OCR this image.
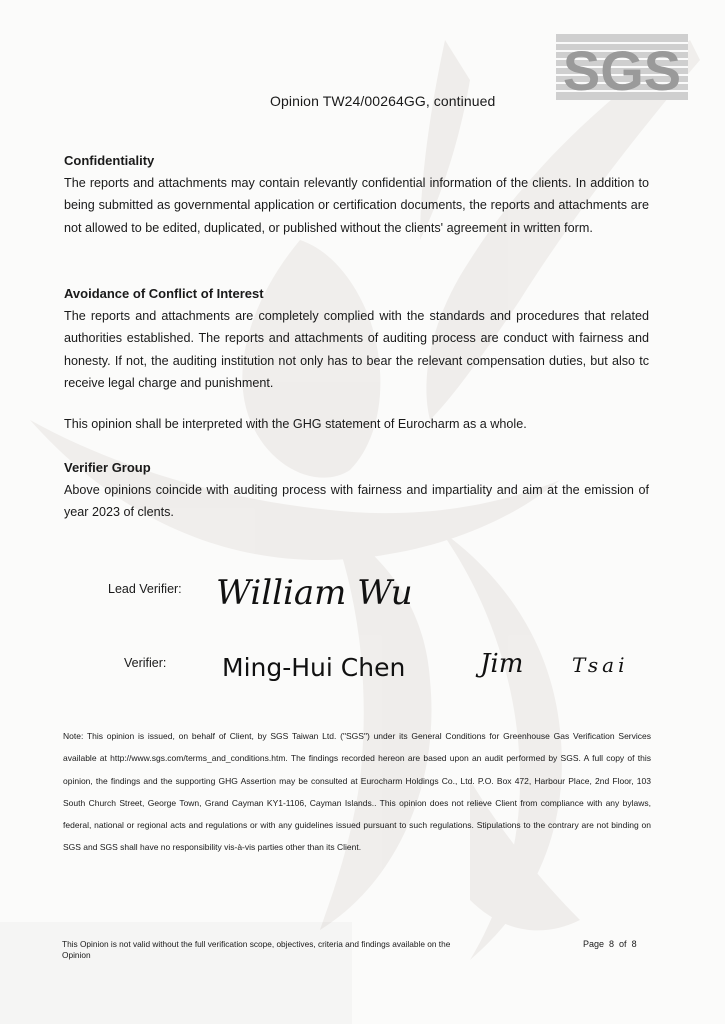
SGS
Opinion TW24/00264GG, continued
Confidentiality

The reports and attachments may contain relevantly confidential information of the clients. In addition to being submitted as governmental application or certification documents, the reports and attachments are not allowed to be edited, duplicated, or published without the clients' agreement in written form.

Avoidance of Conflict of Interest

The reports and attachments are completely complied with the standards and procedures that related authorities established. The reports and attachments of auditing process are conduct with fairness and honesty. If not, the auditing institution not only has to bear the relevant compensation duties, but also tc receive legal charge and punishment.

This opinion shall be interpreted with the GHG statement of Eurocharm as a whole.

Verifier Group

Above opinions coincide with auditing process with fairness and impartiality and aim at the emission of year 2023 of clents.

Lead Verifier: William Wu
Verifier: Ming-Hui Chen	Jim Tsai

Note: This opinion is issued, on behalf of Client, by SGS Taiwan Ltd. ("SGS") under its General Conditions for Greenhouse Gas Verification Services available at http://www.sgs.com/terms_and_conditions.htm. The findings recorded hereon are based upon an audit performed by SGS. A full copy of this opinion, the findings and the supporting GHG Assertion may be consulted at Eurocharm Holdings Co., Ltd. P.O. Box 472, Harbour Place, 2nd Floor, 103 South Church Street, George Town, Grand Cayman KY1-1106, Cayman Islands.. This opinion does not relieve Client from compliance with any bylaws, federal, national or regional acts and regulations or with any guidelines issued pursuant to such regulations. Stipulations to the contrary are not binding on SGS and SGS shall have no responsibility vis-à-vis parties other than its Client.

This Opinion is not valid without the full verification scope, objectives, criteria and findings available on the Opinion
Page 8 of 8
